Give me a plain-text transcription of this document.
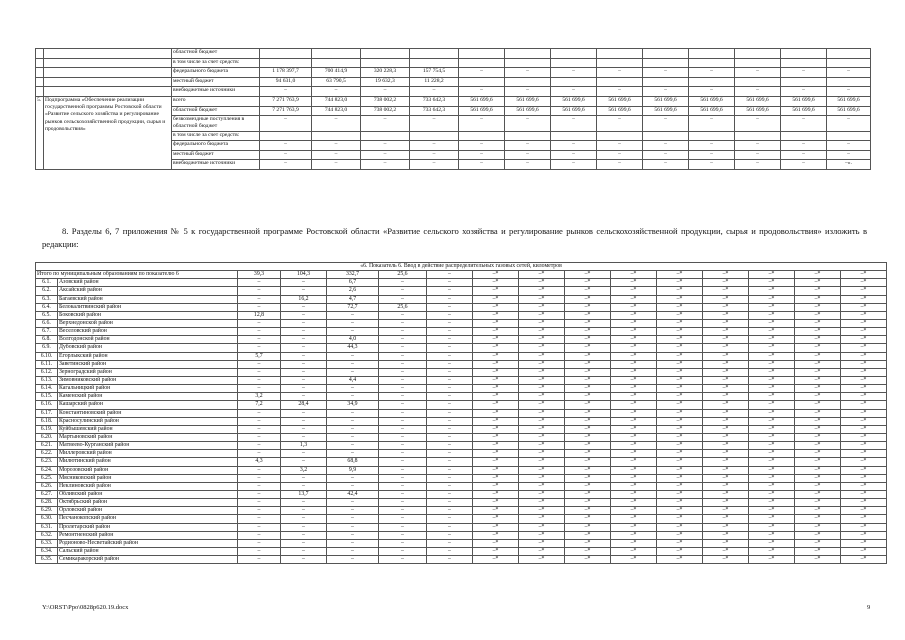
		областной бюджет													
		в том числе за счет средств:													
		федерального бюджета	1 178 397,7	700 414,9	320 228,3	157 754,5	–	–	–	–	–	–	–	–	–
		местный бюджет	94 631,0	63 790,5	19 632,3	11 228,2									
		внебюджетные источники	–	–	–	–	–	–	–	–	–	–	–	–	–
5.	Подпрограмма «Обеспечение реализации государственной программы Ростовской области «Развитие сельского хозяйства и регулирование рынков сельскохозяйственной продукции, сырья и продовольствия»	всего	7 271 763,9	744 823,0	738 002,2	733 642,3	561 699,6	561 699,6	561 699,6	561 699,6	561 699,6	561 699,6	561 699,6	561 699,6	561 699,6
		областной бюджет	7 271 763,9	744 823,0	738 002,2	733 642,3	561 699,6	561 699,6	561 699,6	561 699,6	561 699,6	561 699,6	561 699,6	561 699,6	561 699,6
		безвозмездные поступления в областной бюджет	–	–	–	–	–	–	–	–	–	–	–	–	–
		в том числе за счет средств:													
		федерального бюджета	–	–	–	–	–	–	–	–	–	–	–	–	–
		местный бюджет	–	–	–	–	–	–	–	–	–	–	–	–	–
		внебюджетные источники	–	–	–	–	–	–	–	–	–	–	–	–	–».
8. Разделы 6, 7 приложения № 5 к государственной программе Ростовской области «Развитие сельского хозяйства и регулирование рынков сельскохозяйственной продукции, сырья и продовольствия» изложить в редакции:
«6. Показатель 6. Ввод в действие распределительных газовых сетей, километров															
Итого по муниципальным образованиям по показателю 6		39,3	104,3	332,7	25,6	–	–*	–*	–*	–*	–*	–*	–*	–*	–*
6.1.	Азовский район	–	–	6,7	–	–	–*	–*	–*	–*	–*	–*	–*	–*	–*
6.2.	Аксайский район	–	–	2,6	–	–	–*	–*	–*	–*	–*	–*	–*	–*	–*
6.3.	Багаевский район	–	16,2	4,7	–	–	–*	–*	–*	–*	–*	–*	–*	–*	–*
6.4.	Белокалитвинский район	–	–	72,7	25,6	–	–*	–*	–*	–*	–*	–*	–*	–*	–*
6.5.	Боковский район	12,8	–	–	–	–	–*	–*	–*	–*	–*	–*	–*	–*	–*
6.6.	Верхнедонской район	–	–	–	–	–	–*	–*	–*	–*	–*	–*	–*	–*	–*
6.7.	Веселовский район	–	–	–	–	–	–*	–*	–*	–*	–*	–*	–*	–*	–*
6.8.	Волгодонской район	–	–	4,0	–	–	–*	–*	–*	–*	–*	–*	–*	–*	–*
6.9.	Дубовский район	–	–	44,3	–	–	–*	–*	–*	–*	–*	–*	–*	–*	–*
6.10.	Егорлыкский район	5,7	–	–	–	–	–*	–*	–*	–*	–*	–*	–*	–*	–*
6.11.	Заветинский район	–	–	–	–	–	–*	–*	–*	–*	–*	–*	–*	–*	–*
6.12.	Зерноградский район	–	–	–	–	–	–*	–*	–*	–*	–*	–*	–*	–*	–*
6.13.	Зимовниковский район	–	–	4,4	–	–	–*	–*	–*	–*	–*	–*	–*	–*	–*
6.14.	Кагальницкий район	–	–	–	–	–	–*	–*	–*	–*	–*	–*	–*	–*	–*
6.15.	Каменский район	3,2	–	–	–	–	–*	–*	–*	–*	–*	–*	–*	–*	–*
6.16.	Кашарский район	7,2	28,4	34,9	–	–	–*	–*	–*	–*	–*	–*	–*	–*	–*
6.17.	Константиновский район	–	–	–	–	–	–*	–*	–*	–*	–*	–*	–*	–*	–*
6.18.	Красносулинский район	–	–	–	–	–	–*	–*	–*	–*	–*	–*	–*	–*	–*
6.19.	Куйбышевский район	–	–	–	–	–	–*	–*	–*	–*	–*	–*	–*	–*	–*
6.20.	Мартыновский район	–	–	–	–	–	–*	–*	–*	–*	–*	–*	–*	–*	–*
6.21.	Матвеево-Курганский район	–	1,3	–	–	–	–*	–*	–*	–*	–*	–*	–*	–*	–*
6.22.	Миллеровский район	–	–	–	–	–	–*	–*	–*	–*	–*	–*	–*	–*	–*
6.23.	Милютинский район	4,3	–	68,8	–	–	–*	–*	–*	–*	–*	–*	–*	–*	–*
6.24.	Морозовский район	–	3,2	9,9	–	–	–*	–*	–*	–*	–*	–*	–*	–*	–*
6.25.	Мясниковский район	–	–	–	–	–	–*	–*	–*	–*	–*	–*	–*	–*	–*
6.26.	Неклиновский район	–	–	–	–	–	–*	–*	–*	–*	–*	–*	–*	–*	–*
6.27.	Обливский район	–	13,7	42,4	–	–	–*	–*	–*	–*	–*	–*	–*	–*	–*
6.28.	Октябрьский район	–	–	–	–	–	–*	–*	–*	–*	–*	–*	–*	–*	–*
6.29.	Орловский район	–	–	–	–	–	–*	–*	–*	–*	–*	–*	–*	–*	–*
6.30.	Песчанокопский район	–	–	–	–	–	–*	–*	–*	–*	–*	–*	–*	–*	–*
6.31.	Пролетарский район	–	–	–	–	–	–*	–*	–*	–*	–*	–*	–*	–*	–*
6.32.	Ремонтненский район	–	–	–	–	–	–*	–*	–*	–*	–*	–*	–*	–*	–*
6.33.	Родионово-Несветайский район	–	–	–	–	–	–*	–*	–*	–*	–*	–*	–*	–*	–*
6.34.	Сальский район	–	–	–	–	–	–*	–*	–*	–*	–*	–*	–*	–*	–*
6.35.	Семикаракорский район	–	–	–	–	–	–*	–*	–*	–*	–*	–*	–*	–*	–*
Y:\ORST\Ppo\0828p620.19.docx	9
